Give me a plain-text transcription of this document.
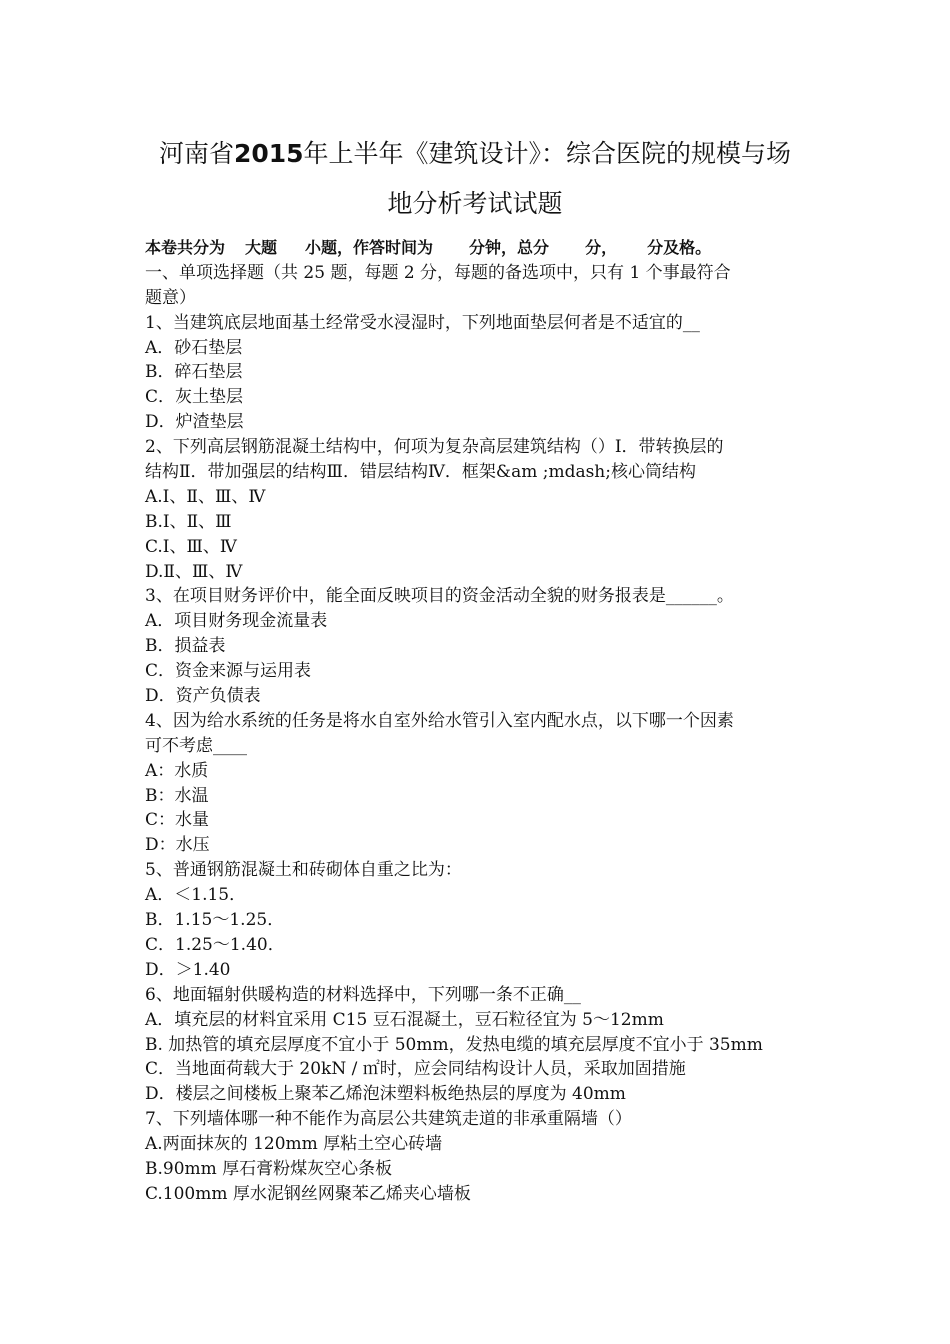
河南省2015年上半年《建筑设计》：综合医院的规模与场
地分析考试试题
本卷共分为 大题 小题，作答时间为 分钟，总分 分， 分及格。
一、单项选择题（共 25 题，每题 2 分，每题的备选项中，只有 1 个事最符合
题意）
1、当建筑底层地面基土经常受水浸湿时，下列地面垫层何者是不适宜的__
A．砂石垫层
B．碎石垫层
C．灰土垫层
D．炉渣垫层
2、下列高层钢筋混凝土结构中，何项为复杂高层建筑结构（）Ⅰ．带转换层的
结构Ⅱ．带加强层的结构Ⅲ．错层结构Ⅳ．框架&am ;mdash;核心筒结构
A.Ⅰ、Ⅱ、Ⅲ、Ⅳ
B.Ⅰ、Ⅱ、Ⅲ
C.Ⅰ、Ⅲ、Ⅳ
D.Ⅱ、Ⅲ、Ⅳ
3、在项目财务评价中，能全面反映项目的资金活动全貌的财务报表是______。
A．项目财务现金流量表
B．损益表
C．资金来源与运用表
D．资产负债表
4、因为给水系统的任务是将水自室外给水管引入室内配水点，以下哪一个因素
可不考虑____
A：水质
B：水温
C：水量
D：水压
5、普通钢筋混凝土和砖砌体自重之比为：
A．＜1.15．
B．1.15～1.25．
C．1.25～1.40．
D．＞1.40
6、地面辐射供暖构造的材料选择中，下列哪一条不正确__
A．填充层的材料宜采用 C15 豆石混凝土，豆石粒径宜为 5～12mm
B. 加热管的填充层厚度不宜小于 50mm，发热电缆的填充层厚度不宜小于 35mm
C．当地面荷载大于 20kN / ㎡时，应会同结构设计人员，采取加固措施
D．楼层之间楼板上聚苯乙烯泡沫塑料板绝热层的厚度为 40mm
7、下列墙体哪一种不能作为高层公共建筑走道的非承重隔墙（）
A.两面抹灰的 120mm 厚粘土空心砖墙
B.90mm 厚石膏粉煤灰空心条板
C.100mm 厚水泥钢丝网聚苯乙烯夹心墙板
